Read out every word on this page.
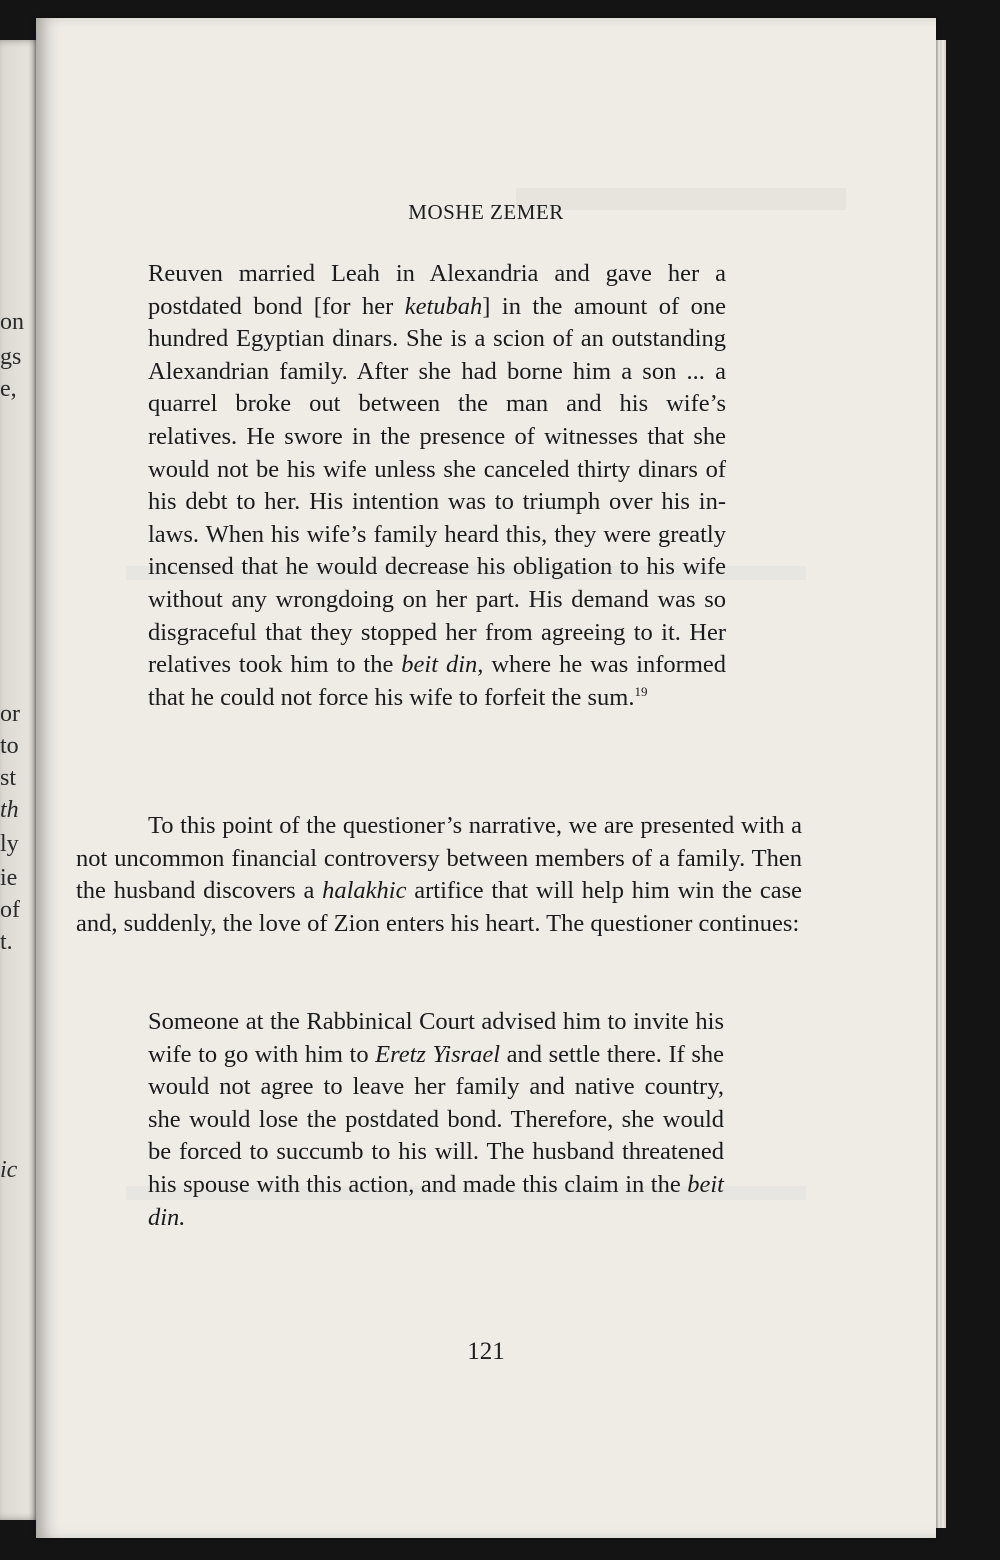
on
gs
e,
or
to
st
th
ly
ie
of
t.
ic
MOSHE ZEMER

Reuven married Leah in Alexandria and gave her a postdated bond [for her ketubah] in the amount of one hundred Egyptian dinars. She is a scion of an outstanding Alexandrian family. After she had borne him a son ... a quarrel broke out between the man and his wife’s relatives. He swore in the presence of witnesses that she would not be his wife unless she canceled thirty dinars of his debt to her. His intention was to triumph over his in-laws. When his wife’s family heard this, they were greatly incensed that he would decrease his obligation to his wife without any wrongdoing on her part. His demand was so disgraceful that they stopped her from agreeing to it. Her relatives took him to the beit din, where he was informed that he could not force his wife to forfeit the sum.$^{19}$

To this point of the questioner’s narrative, we are presented with a not uncommon financial controversy between members of a family. Then the husband discovers a halakhic artifice that will help him win the case and, suddenly, the love of Zion enters his heart. The questioner continues:

Someone at the Rabbinical Court advised him to invite his wife to go with him to Eretz Yisrael and settle there. If she would not agree to leave her family and native country, she would lose the postdated bond. Therefore, she would be forced to succumb to his will. The husband threatened his spouse with this action, and made this claim in the beit din.

121
